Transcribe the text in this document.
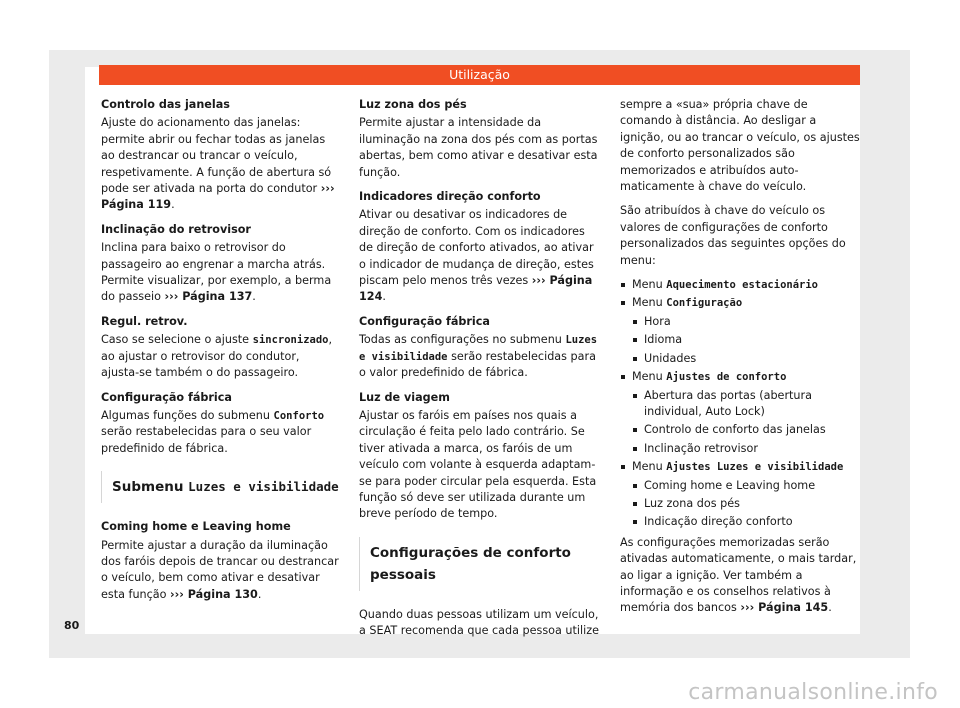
Utilização
Controlo das janelas

Ajuste do acionamento das janelas: permite abrir ou fechar todas as janelas ao destrancar ou trancar o veículo, respetivamente. A função de abertura só pode ser ativada na porta do condutor ››› Página 119.

Inclinação do retrovisor

Inclina para baixo o retrovisor do passageiro ao engrenar a marcha atrás. Permite visualizar, por exemplo, a berma do passeio ››› Página 137.

Regul. retrov.

Caso se selecione o ajuste sincronizado, ao ajustar o retrovisor do condutor, ajusta-se também o do passageiro.

Configuração fábrica

Algumas funções do submenu Conforto serão restabelecidas para o seu valor predefinido de fábrica.

Submenu Luzes e visibilidade
Coming home e Leaving home

Permite ajustar a duração da iluminação dos faróis depois de trancar ou destrancar o veículo, bem como ativar e desativar esta função ››› Página 130.

Luz zona dos pés

Permite ajustar a intensidade da iluminação na zona dos pés com as portas abertas, bem como ativar e desativar esta função.

Indicadores direção conforto

Ativar ou desativar os indicadores de direção de conforto. Com os indicadores de direção de conforto ativados, ao ativar o indicador de mudança de direção, estes piscam pelo menos três vezes ››› Página 124.

Configuração fábrica

Todas as configurações no submenu Luzes e visibilidade serão restabelecidas para o valor predefinido de fábrica.

Luz de viagem

Ajustar os faróis em países nos quais a circulação é feita pelo lado contrário. Se tiver ativada a marca, os faróis de um veículo com volante à esquerda adaptam-se para poder circular pela esquerda. Esta função só deve ser utilizada durante um breve período de tempo.

Configurações de conforto pessoais

Quando duas pessoas utilizam um veículo, a SEAT recomenda que cada pessoa utilize

sempre a «sua» própria chave de comando à distância. Ao desligar a ignição, ou ao trancar o veículo, os ajustes de conforto personalizados são memorizados e atribuídos automaticamente à chave do veículo.

São atribuídos à chave do veículo os valores de configurações de conforto personalizados das seguintes opções do menu:

Menu Aquecimento estacionário
Menu Configuração
Hora
Idioma
Unidades
Menu Ajustes de conforto
Abertura das portas (abertura individual, Auto Lock)
Controlo de conforto das janelas
Inclinação retrovisor
Menu Ajustes Luzes e visibilidade
Coming home e Leaving home
Luz zona dos pés
Indicação direção conforto

As configurações memorizadas serão ativadas automaticamente, o mais tardar, ao ligar a ignição. Ver também a informação e os conselhos relativos à memória dos bancos ››› Página 145.

80
carmanualsonline.info
